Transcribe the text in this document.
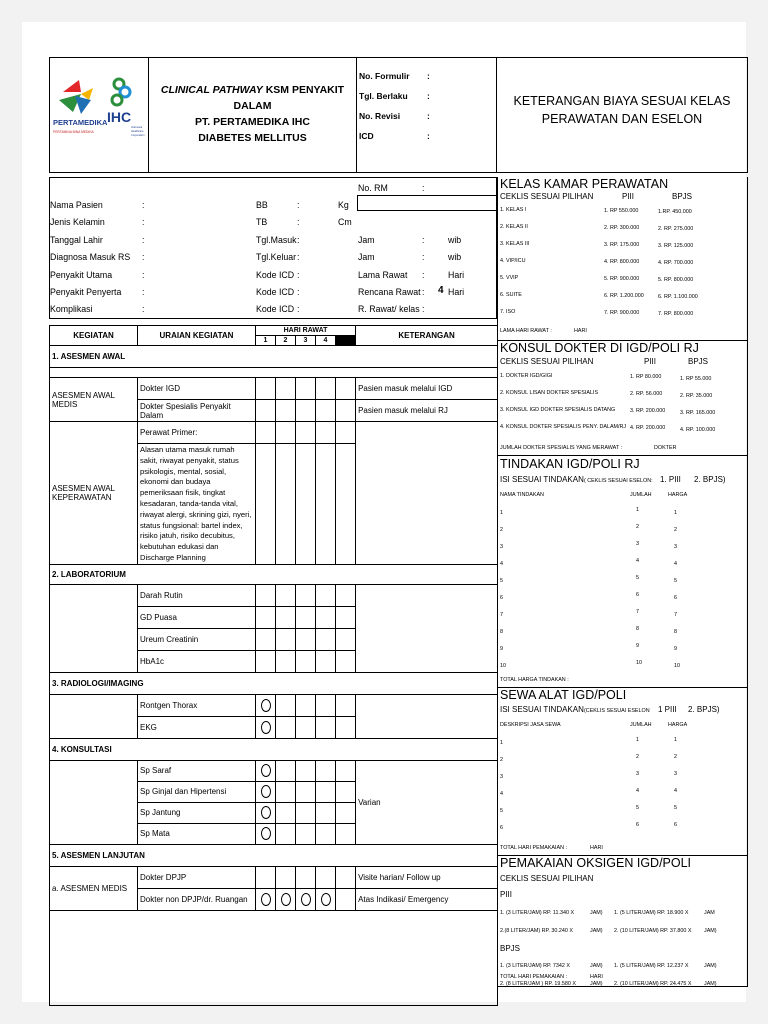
PERTAMEDIKA
PERTAMINA BINA MEDIKA
IHC
Indonesia
Healthcare
Corporation
CLINICAL PATHWAY KSM PENYAKIT DALAM
PT. PERTAMEDIKA IHC
DIABETES MELLITUS
No. Formulir :
Tgl. Berlaku :
No. Revisi	:
ICD	:
KETERANGAN BIAYA SESUAI KELAS
PERAWATAN DAN ESELON
No. RM	:
Nama Pasien	:	BB	:	Kg
Jenis Kelamin	:	TB	:	Cm
Tanggal Lahir	:	Tgl.Masuk :	Jam	:	wib
Diagnosa Masuk RS :	Tgl.Keluar :	Jam	:	wib
Penyakit Utama	:	Kode ICD :	Lama Rawat :	Hari
Penyakit Penyerta :	Kode ICD :	Rencana Rawat : 4 Hari
Komplikasi	:	Kode ICD :	R. Rawat/ kelas :
KEGIATAN	URAIAN KEGIATAN	HARI RAWAT					KETERANGAN
		1	2	3	4		
1. ASESMEN AWAL							

ASESMEN AWAL MEDIS	Dokter IGD						Pasien masuk melalui IGD
	Dokter Spesialis Penyakit Dalam						Pasien masuk melalui RJ
ASESMEN AWAL KEPERAWATAN	Perawat Primer:						
	Alasan utama masuk rumah sakit, riwayat penyakit, status psikologis, mental, sosial, ekonomi dan budaya pemeriksaan fisik, tingkat kesadaran, tanda-tanda vital, riwayat alergi, skrining gizi, nyeri, status fungsional: bartel index, risiko jatuh, risiko decubitus, kebutuhan edukasi dan Discharge Planning						
2. LABORATORIUM							
	Darah Rutin						
	GD Puasa						
	Ureum Creatinin						
	HbA1c						
3. RADIOLOGI/IMAGING							
	Rontgen Thorax						
	EKG						
4. KONSULTASI							
	Sp Saraf						Varian
	Sp Ginjal dan Hipertensi						
	Sp Jantung						
	Sp Mata						
5. ASESMEN LANJUTAN							
a. ASESMEN MEDIS	Dokter DPJP						Visite harian/ Follow up
	Dokter non DPJP/dr. Ruangan						Atas Indikasi/ Emergency

KELAS KAMAR PERAWATAN
CEKLIS SESUAI PILIHAN	PIII	BPJS
1. KELAS I	1. RP 550.000	1.RP. 450.000
2. KELAS II	2. RP. 300.000	2. RP. 275.000
3. KELAS III	3. RP. 175.000	3. RP. 125.000
4. VIP/ICU	4. RP. 800.000	4. RP. 700.000
5. VVIP	5. RP. 900.000	5. RP. 800.000
6. SUITE	6. RP. 1.200.000	6. RP. 1.100.000
7. ISO	7. RP. 900.000	7. RP. 800.000
LAMA HARI RAWAT :	HARI
KONSUL DOKTER DI IGD/POLI RJ
CEKLIS SESUAI PILIHAN	PIII	BPJS
1. DOKTER IGD/GIGI	1. RP 80.000	1. RP 55.000
2. KONSUL LISAN DOKTER SPESIALIS	2. RP. 56.000	2. RP. 35.000
3. KONSUL IGD DOKTER SPESIALIS DATANG	3. RP. 200.000	3. RP. 165.000
4. KONSUL DOKTER SPESIALIS PENY. DALAM/RJ 4. RP. 200.000	4. RP. 100.000
JUMLAH DOKTER SPESIALIS YANG MERAWAT :	DOKTER
TINDAKAN IGD/POLI RJ
ISI SESUAI TINDAKAN ( CEKLIS SESUAI ESELON: 1. PIII 2. BPJS)
NAMA TINDAKAN	JUMLAH	HARGA
1	1	1
2	2	2
3	3	3
4	4	4
5	5	5
6	6	6
7	7	7
8	8	8
9	9	9
10	10	10
TOTAL HARGA TINDAKAN :
SEWA ALAT IGD/POLI
ISI SESUAI TINDAKAN (CEKLIS SESUAI ESELON 1 PIII 2. BPJS)
DESKRIPSI JASA SEWA	JUMLAH	HARGA
1	1	1
2	2	2
3	3	3
4	4	4
5	5	5
6	6	6
TOTAL HARI PEMAKAIAN :	HARI
PEMAKAIAN OKSIGEN IGD/POLI
CEKLIS SESUAI PILIHAN
PIII
1. (3 LITER/JAM) RP. 11.340 X	JAM) 1. (5 LITER/JAM) RP. 18.900 X	JAM
2.(8 LITER/JAM) RP. 30.240 X	JAM) 2. (10 LITER/JAM) RP. 37.800 X JAM)
BPJS
1. (3 LITER/JAM) RP. 7342 X	JAM) 1. (5 LITER/JAM) RP. 12.237 X	JAM)
2. (8 LITER/JAM ) RP. 19.580 X	JAM) 2. (10 LITER/JAM) RP. 24.475 X JAM)
TOTAL HARI PEMAKAIAN :	HARI
